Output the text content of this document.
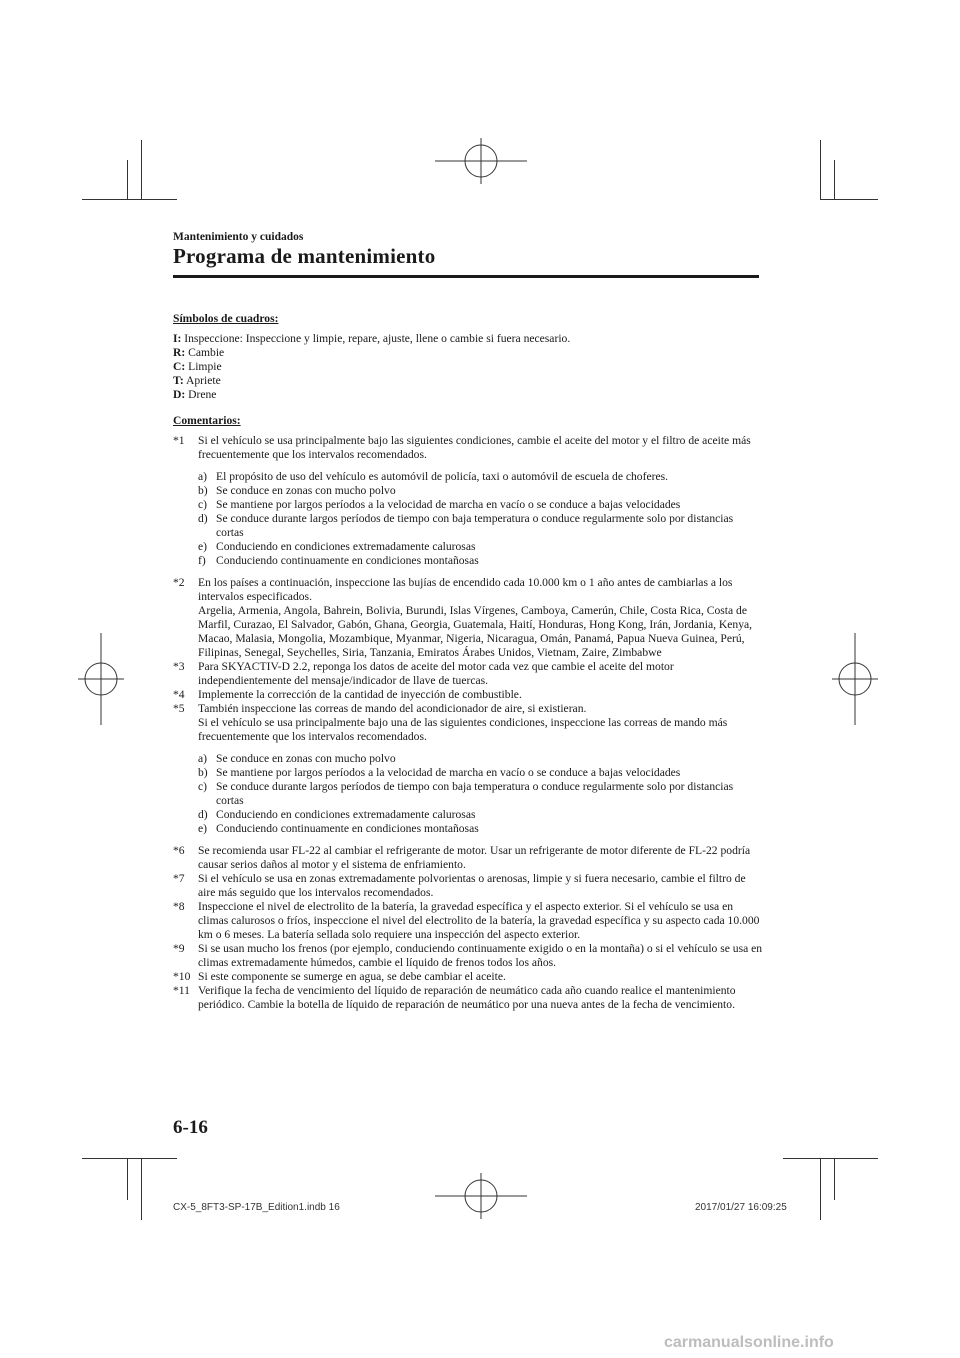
Mantenimiento y cuidados
Programa de mantenimiento
Símbolos de cuadros:
I: Inspeccione: Inspeccione y limpie, repare, ajuste, llene o cambie si fuera necesario.
R: Cambie
C: Limpie
T: Apriete
D: Drene
Comentarios:
*1	Si el vehículo se usa principalmente bajo las siguientes condiciones, cambie el aceite del motor y el filtro de aceite más frecuentemente que los intervalos recomendados.
a) El propósito de uso del vehículo es automóvil de policía, taxi o automóvil de escuela de choferes.
b) Se conduce en zonas con mucho polvo
c) Se mantiene por largos períodos a la velocidad de marcha en vacío o se conduce a bajas velocidades
d) Se conduce durante largos períodos de tiempo con baja temperatura o conduce regularmente solo por distancias cortas
e) Conduciendo en condiciones extremadamente calurosas
f) Conduciendo continuamente en condiciones montañosas
*2	En los países a continuación, inspeccione las bujías de encendido cada 10.000 km o 1 año antes de cambiarlas a los intervalos especificados.
Argelia, Armenia, Angola, Bahrein, Bolivia, Burundi, Islas Vírgenes, Camboya, Camerún, Chile, Costa Rica, Costa de Marfil, Curazao, El Salvador, Gabón, Ghana, Georgia, Guatemala, Haití, Honduras, Hong Kong, Irán, Jordania, Kenya, Macao, Malasia, Mongolia, Mozambique, Myanmar, Nigeria, Nicaragua, Omán, Panamá, Papua Nueva Guinea, Perú, Filipinas, Senegal, Seychelles, Siria, Tanzania, Emiratos Árabes Unidos, Vietnam, Zaire, Zimbabwe
*3	Para SKYACTIV-D 2.2, reponga los datos de aceite del motor cada vez que cambie el aceite del motor independientemente del mensaje/indicador de llave de tuercas.
*4	Implemente la corrección de la cantidad de inyección de combustible.
*5	También inspeccione las correas de mando del acondicionador de aire, si existieran.
Si el vehículo se usa principalmente bajo una de las siguientes condiciones, inspeccione las correas de mando más frecuentemente que los intervalos recomendados.
a) Se conduce en zonas con mucho polvo
b) Se mantiene por largos períodos a la velocidad de marcha en vacío o se conduce a bajas velocidades
c) Se conduce durante largos períodos de tiempo con baja temperatura o conduce regularmente solo por distancias cortas
d) Conduciendo en condiciones extremadamente calurosas
e) Conduciendo continuamente en condiciones montañosas
*6	Se recomienda usar FL-22 al cambiar el refrigerante de motor. Usar un refrigerante de motor diferente de FL-22 podría causar serios daños al motor y el sistema de enfriamiento.
*7	Si el vehículo se usa en zonas extremadamente polvorientas o arenosas, limpie y si fuera necesario, cambie el filtro de aire más seguido que los intervalos recomendados.
*8	Inspeccione el nivel de electrolito de la batería, la gravedad específica y el aspecto exterior. Si el vehículo se usa en climas calurosos o fríos, inspeccione el nivel del electrolito de la batería, la gravedad específica y su aspecto cada 10.000 km o 6 meses. La batería sellada solo requiere una inspección del aspecto exterior.
*9	Si se usan mucho los frenos (por ejemplo, conduciendo continuamente exigido o en la montaña) o si el vehículo se usa en climas extremadamente húmedos, cambie el líquido de frenos todos los años.
*10 Si este componente se sumerge en agua, se debe cambiar el aceite.
*11 Verifique la fecha de vencimiento del líquido de reparación de neumático cada año cuando realice el mantenimiento periódico. Cambie la botella de líquido de reparación de neumático por una nueva antes de la fecha de vencimiento.
6-16
CX-5_8FT3-SP-17B_Edition1.indb 16	2017/01/27 16:09:25
carmanualsonline.info
